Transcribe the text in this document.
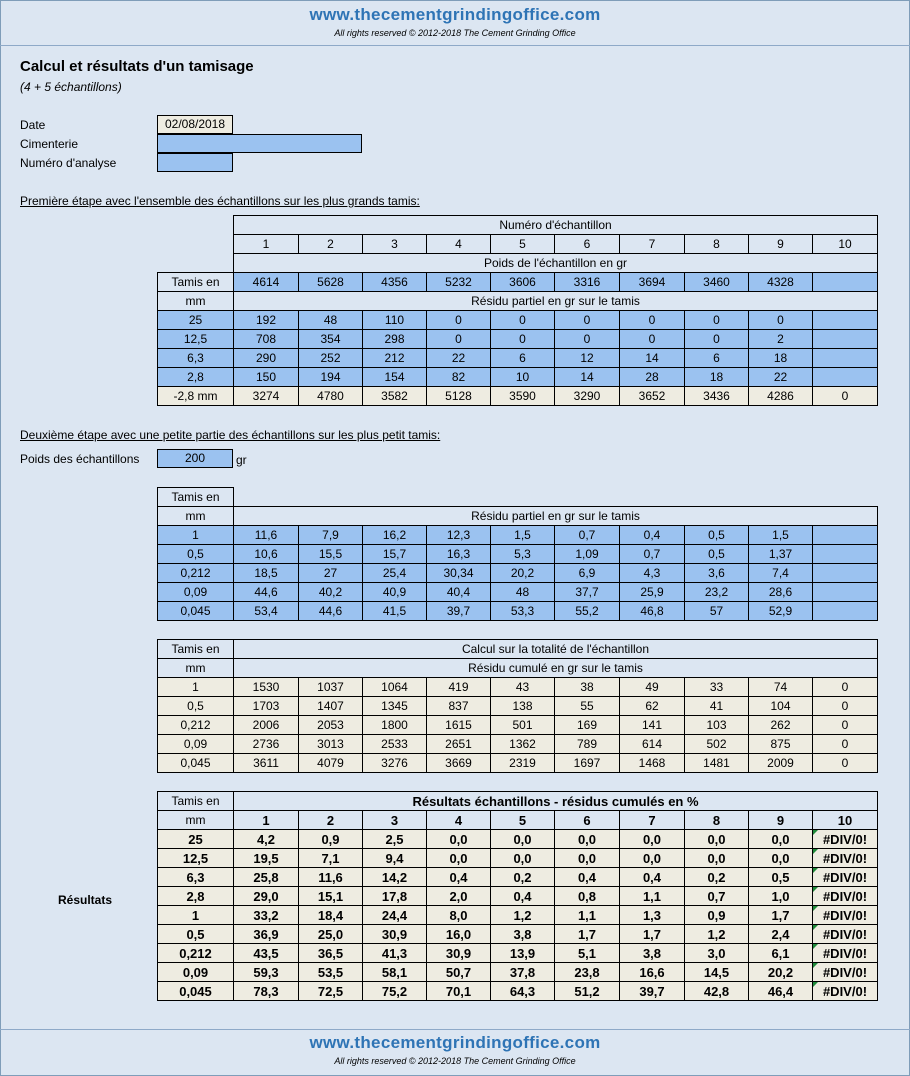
www.thecementgrindingoffice.com
All rights reserved © 2012-2018 The Cement Grinding Office
Calcul et résultats d'un tamisage
(4 + 5 échantillons)
Date	02/08/2018
Cimenterie
Numéro d'analyse
Première étape avec l'ensemble des échantillons sur les plus grands tamis:
	Numéro d'échantillon									
	1	2	3	4	5	6	7	8	9	10
	Poids de l'échantillon en gr									
Tamis en	4614	5628	4356	5232	3606	3316	3694	3460	4328	
mm	Résidu partiel en gr sur le tamis									
25	192	48	110	0	0	0	0	0	0	
12,5	708	354	298	0	0	0	0	0	2	
6,3	290	252	212	22	6	12	14	6	18	
2,8	150	194	154	82	10	14	28	18	22	
-2,8 mm	3274	4780	3582	5128	3590	3290	3652	3436	4286	0
Deuxième étape avec une petite partie des échantillons sur les plus petit tamis:
Poids des échantillons	200	gr
Tamis en										
mm	Résidu partiel en gr sur le tamis									
1	11,6	7,9	16,2	12,3	1,5	0,7	0,4	0,5	1,5	
0,5	10,6	15,5	15,7	16,3	5,3	1,09	0,7	0,5	1,37	
0,212	18,5	27	25,4	30,34	20,2	6,9	4,3	3,6	7,4	
0,09	44,6	40,2	40,9	40,4	48	37,7	25,9	23,2	28,6	
0,045	53,4	44,6	41,5	39,7	53,3	55,2	46,8	57	52,9	
Tamis en	Calcul sur la totalité de l'échantillon									
mm	Résidu cumulé en gr sur le tamis									
1	1530	1037	1064	419	43	38	49	33	74	0
0,5	1703	1407	1345	837	138	55	62	41	104	0
0,212	2006	2053	1800	1615	501	169	141	103	262	0
0,09	2736	3013	2533	2651	1362	789	614	502	875	0
0,045	3611	4079	3276	3669	2319	1697	1468	1481	2009	0
Résultats
Tamis en	Résultats échantillons - résidus cumulés en %									
mm	1	2	3	4	5	6	7	8	9	10
25	4,2	0,9	2,5	0,0	0,0	0,0	0,0	0,0	0,0	#DIV/0!
12,5	19,5	7,1	9,4	0,0	0,0	0,0	0,0	0,0	0,0	#DIV/0!
6,3	25,8	11,6	14,2	0,4	0,2	0,4	0,4	0,2	0,5	#DIV/0!
2,8	29,0	15,1	17,8	2,0	0,4	0,8	1,1	0,7	1,0	#DIV/0!
1	33,2	18,4	24,4	8,0	1,2	1,1	1,3	0,9	1,7	#DIV/0!
0,5	36,9	25,0	30,9	16,0	3,8	1,7	1,7	1,2	2,4	#DIV/0!
0,212	43,5	36,5	41,3	30,9	13,9	5,1	3,8	3,0	6,1	#DIV/0!
0,09	59,3	53,5	58,1	50,7	37,8	23,8	16,6	14,5	20,2	#DIV/0!
0,045	78,3	72,5	75,2	70,1	64,3	51,2	39,7	42,8	46,4	#DIV/0!
www.thecementgrindingoffice.com
All rights reserved © 2012-2018 The Cement Grinding Office
